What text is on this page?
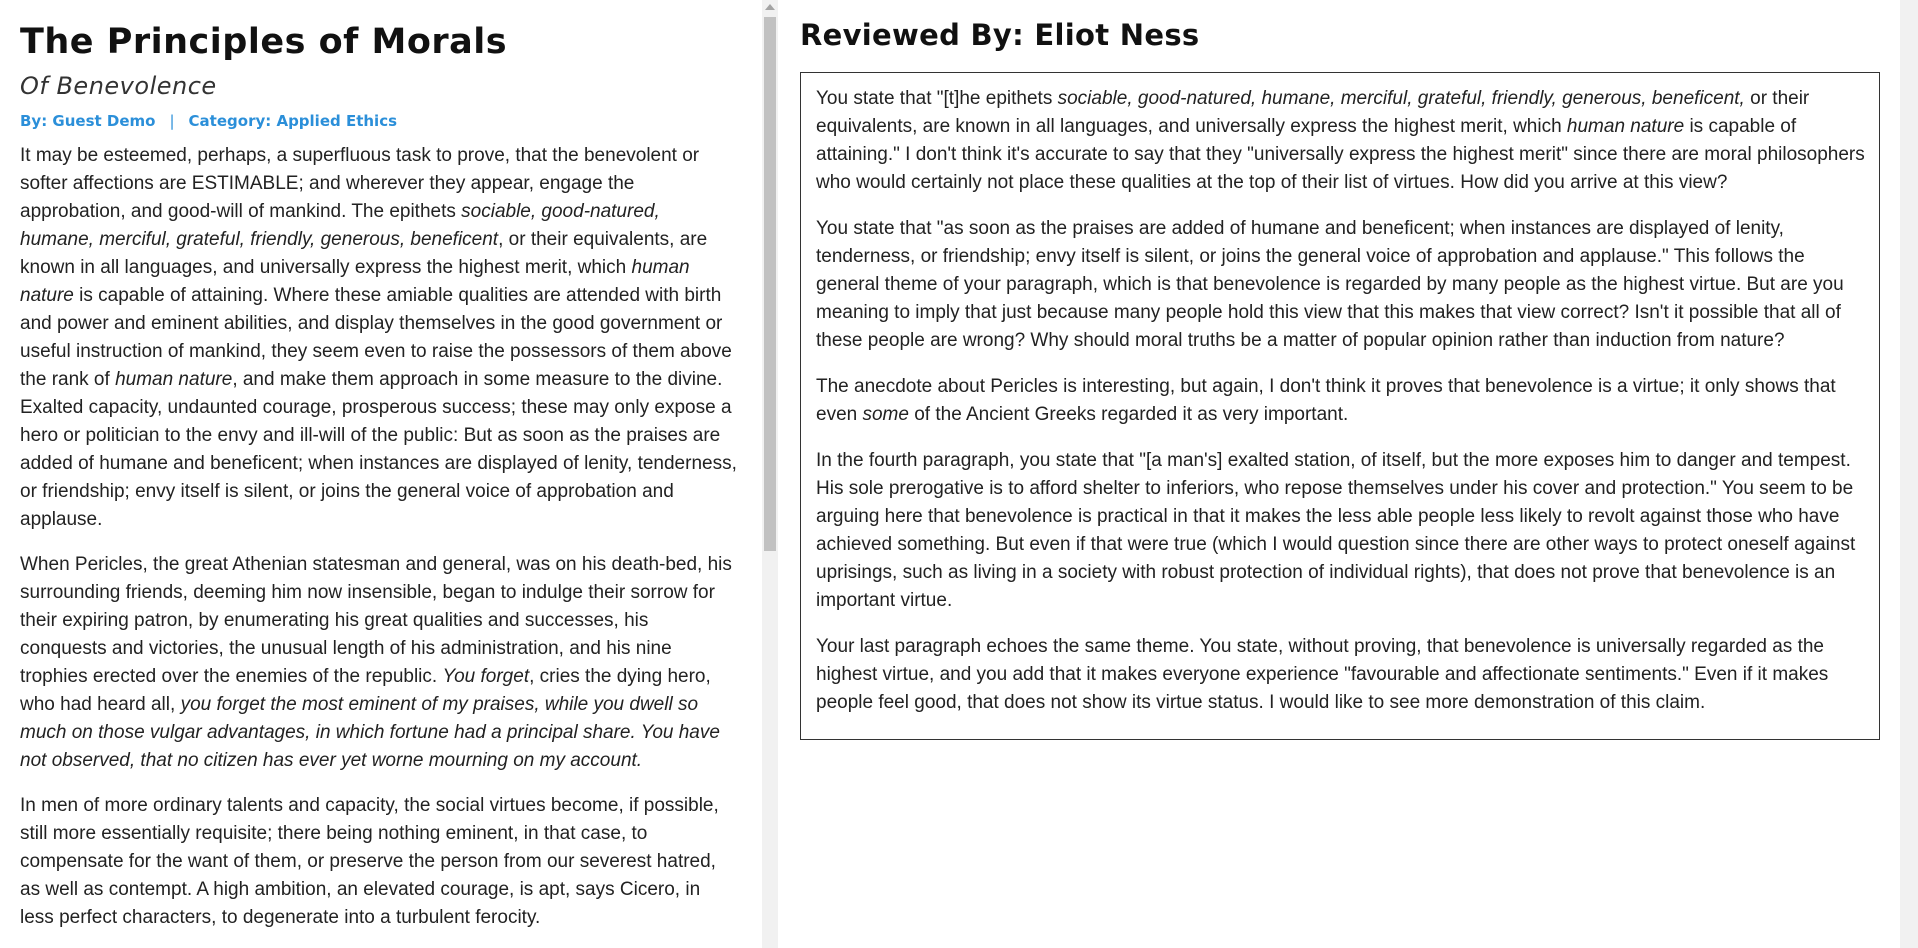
The Principles of Morals
Of Benevolence
By: Guest Demo | Category: Applied Ethics

It may be esteemed, perhaps, a superfluous task to prove, that the benevolent or softer affections are ESTIMABLE; and wherever they appear, engage the approbation, and good-will of mankind. The epithets sociable, good-natured, humane, merciful, grateful, friendly, generous, beneficent, or their equivalents, are known in all languages, and universally express the highest merit, which human nature is capable of attaining. Where these amiable qualities are attended with birth and power and eminent abilities, and display themselves in the good government or useful instruction of mankind, they seem even to raise the possessors of them above the rank of human nature, and make them approach in some measure to the divine. Exalted capacity, undaunted courage, prosperous success; these may only expose a hero or politician to the envy and ill-will of the public: But as soon as the praises are added of humane and beneficent; when instances are displayed of lenity, tenderness, or friendship; envy itself is silent, or joins the general voice of approbation and applause.

When Pericles, the great Athenian statesman and general, was on his death-bed, his surrounding friends, deeming him now insensible, began to indulge their sorrow for their expiring patron, by enumerating his great qualities and successes, his conquests and victories, the unusual length of his administration, and his nine trophies erected over the enemies of the republic. You forget, cries the dying hero, who had heard all, you forget the most eminent of my praises, while you dwell so much on those vulgar advantages, in which fortune had a principal share. You have not observed, that no citizen has ever yet worne mourning on my account.

In men of more ordinary talents and capacity, the social virtues become, if possible, still more essentially requisite; there being nothing eminent, in that case, to compensate for the want of them, or preserve the person from our severest hatred, as well as contempt. A high ambition, an elevated courage, is apt, says Cicero, in less perfect characters, to degenerate into a turbulent ferocity.

Reviewed By: Eliot Ness

You state that "[t]he epithets sociable, good-natured, humane, merciful, grateful, friendly, generous, beneficent, or their equivalents, are known in all languages, and universally express the highest merit, which human nature is capable of attaining." I don't think it's accurate to say that they "universally express the highest merit" since there are moral philosophers who would certainly not place these qualities at the top of their list of virtues. How did you arrive at this view?

You state that "as soon as the praises are added of humane and beneficent; when instances are displayed of lenity, tenderness, or friendship; envy itself is silent, or joins the general voice of approbation and applause." This follows the general theme of your paragraph, which is that benevolence is regarded by many people as the highest virtue. But are you meaning to imply that just because many people hold this view that this makes that view correct? Isn't it possible that all of these people are wrong? Why should moral truths be a matter of popular opinion rather than induction from nature?

The anecdote about Pericles is interesting, but again, I don't think it proves that benevolence is a virtue; it only shows that even some of the Ancient Greeks regarded it as very important.

In the fourth paragraph, you state that "[a man's] exalted station, of itself, but the more exposes him to danger and tempest. His sole prerogative is to afford shelter to inferiors, who repose themselves under his cover and protection." You seem to be arguing here that benevolence is practical in that it makes the less able people less likely to revolt against those who have achieved something. But even if that were true (which I would question since there are other ways to protect oneself against uprisings, such as living in a society with robust protection of individual rights), that does not prove that benevolence is an important virtue.

Your last paragraph echoes the same theme. You state, without proving, that benevolence is universally regarded as the highest virtue, and you add that it makes everyone experience "favourable and affectionate sentiments." Even if it makes people feel good, that does not show its virtue status. I would like to see more demonstration of this claim.
